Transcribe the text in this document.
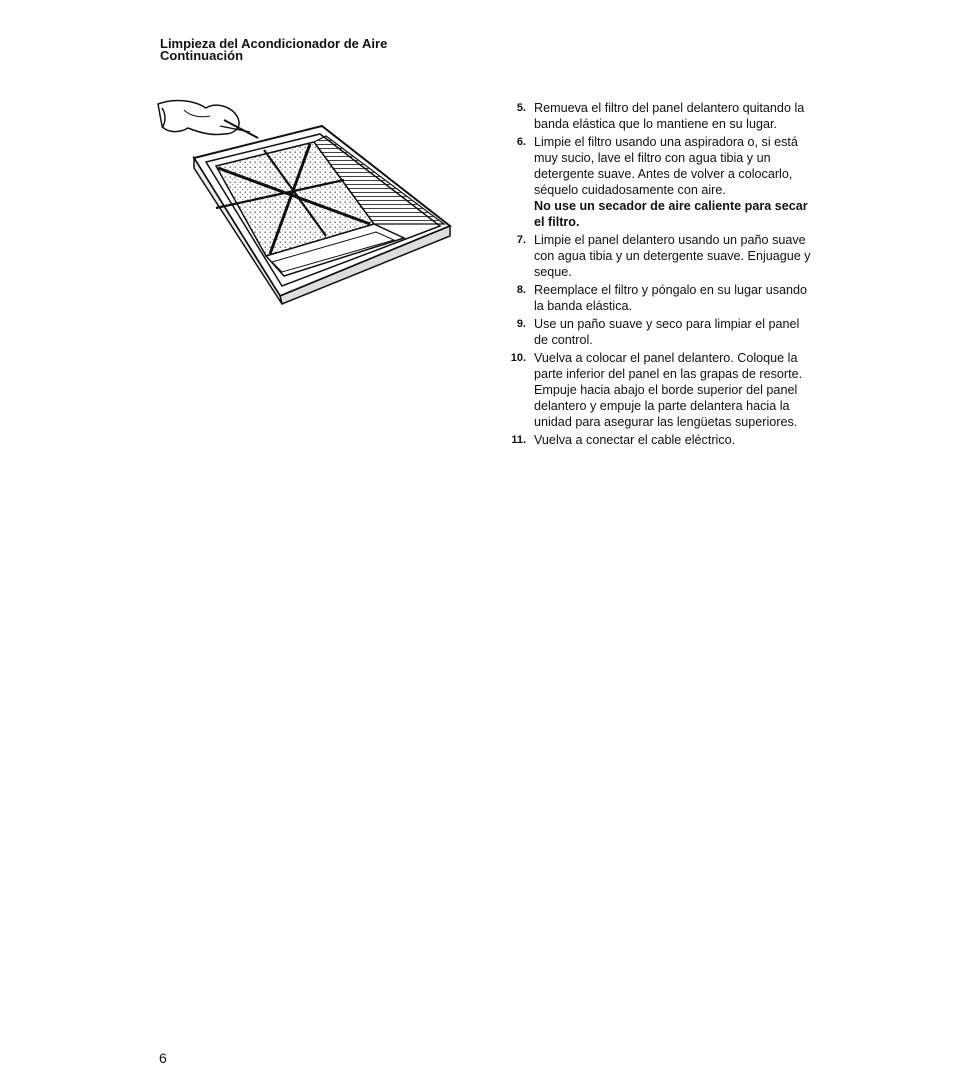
Limpieza del Acondicionador de Aire
Continuación
5. Remueva el filtro del panel delantero quitando la banda elástica que lo mantiene en su lugar.
6. Limpie el filtro usando una aspiradora o, si está muy sucio, lave el filtro con agua tibia y un detergente suave. Antes de volver a colocarlo, séquelo cuidadosamente con aire.
No use un secador de aire caliente para secar el filtro.
7. Limpie el panel delantero usando un paño suave con agua tibia y un detergente suave. Enjuague y seque.
8. Reemplace el filtro y póngalo en su lugar usando la banda elástica.
9. Use un paño suave y seco para limpiar el panel de control.
10. Vuelva a colocar el panel delantero. Coloque la parte inferior del panel en las grapas de resorte. Empuje hacia abajo el borde superior del panel delantero y empuje la parte delantera hacia la unidad para asegurar las lengüetas superiores.
11. Vuelva a conectar el cable eléctrico.
6
